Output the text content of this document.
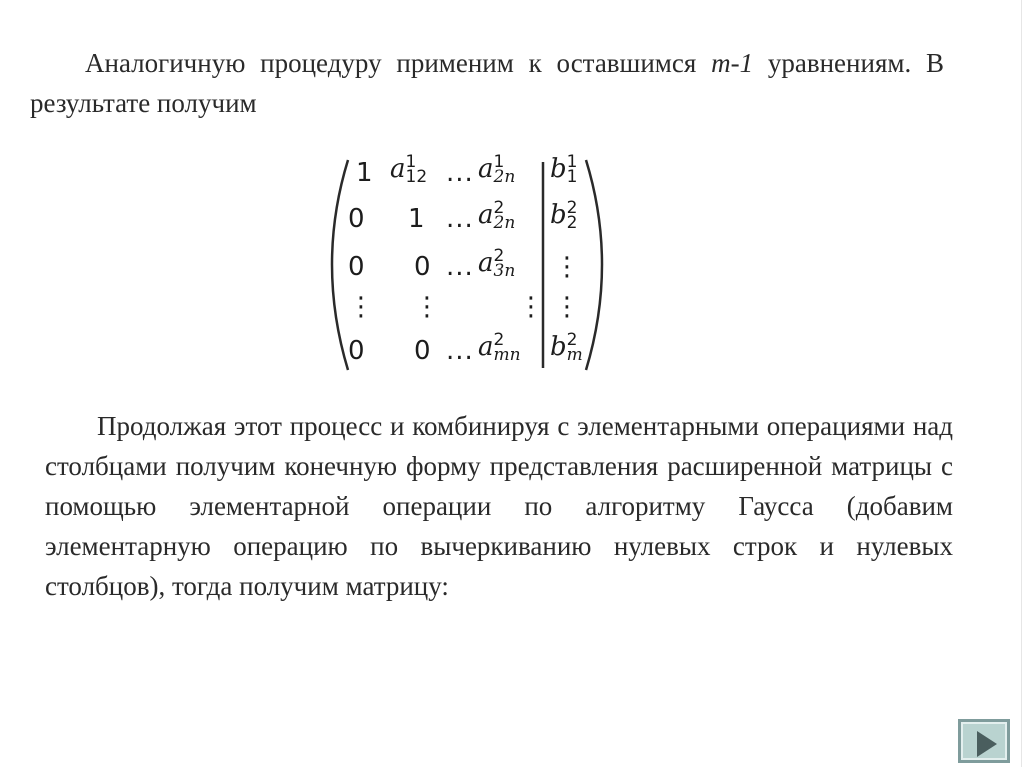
Аналогичную процедуру применим к оставшимся m-1 уравнениям. В результате получим

1 a 1
12 ... a 1
2n b 1
1
0 1 ... a 2
2n b 2
2
0 0 ... a 2
3n ⋮
⋮ ⋮	⋮ ⋮
0 0 ... a 2
mn b 2
m

Продолжая этот процесс и комбинируя с элементарными операциями над столбцами получим конечную форму представления расширенной матрицы с помощью элементарной операции по алгоритму Гаусса (добавим элементарную операцию по вычеркиванию нулевых строк и нулевых столбцов), тогда получим матрицу:
